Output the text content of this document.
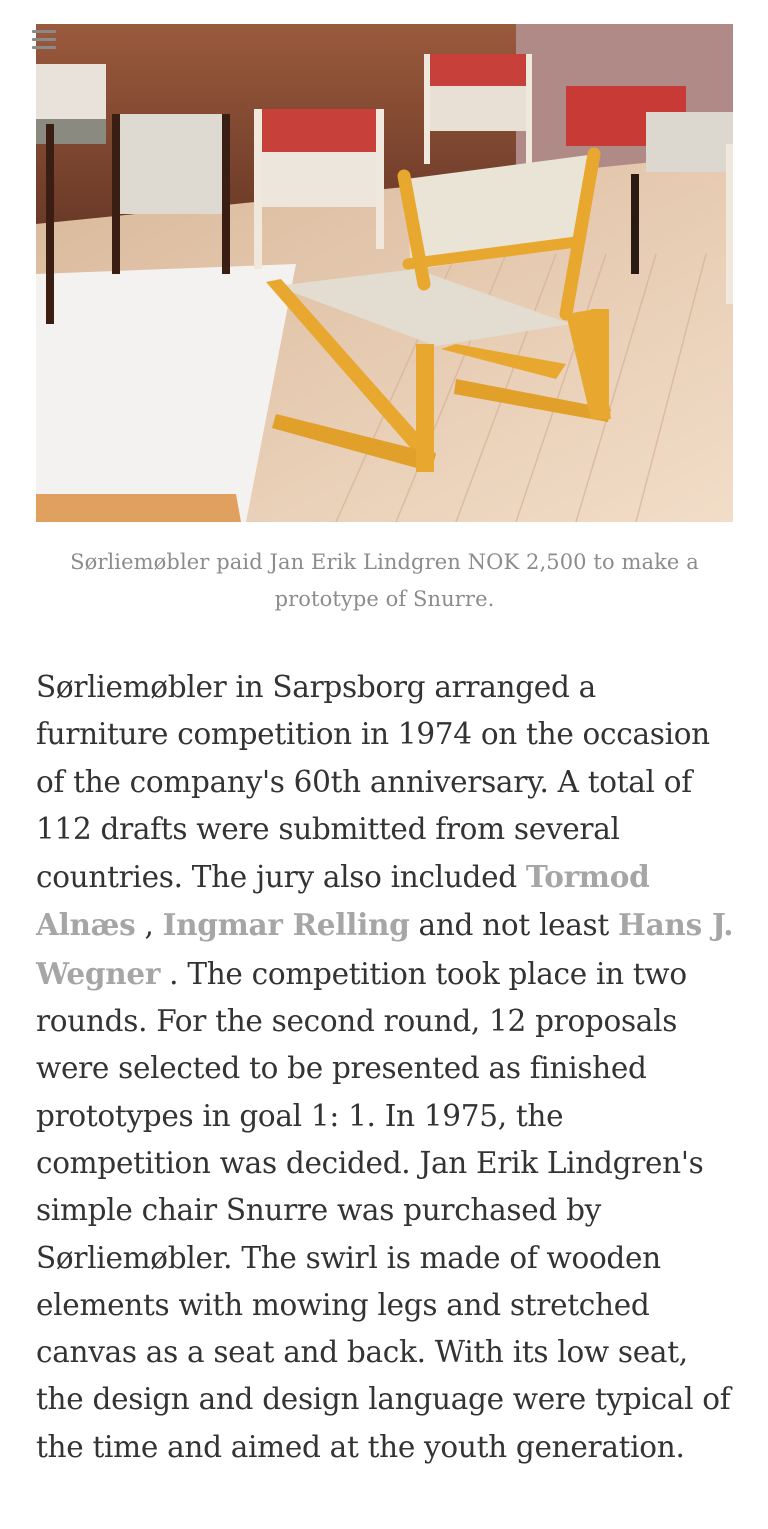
Sørliemøbler paid Jan Erik Lindgren NOK 2,500 to make a prototype of Snurre.

Sørliemøbler in Sarpsborg arranged a furniture competition in 1974 on the occasion of the company's 60th anniversary. A total of 112 drafts were submitted from several countries. The jury also included Tormod Alnæs , Ingmar Relling and not least Hans J. Wegner . The competition took place in two rounds. For the second round, 12 proposals were selected to be presented as finished prototypes in goal 1: 1. In 1975, the competition was decided. Jan Erik Lindgren's simple chair Snurre was purchased by Sørliemøbler. The swirl is made of wooden elements with mowing legs and stretched canvas as a seat and back. With its low seat, the design and design language were typical of the time and aimed at the youth generation.
